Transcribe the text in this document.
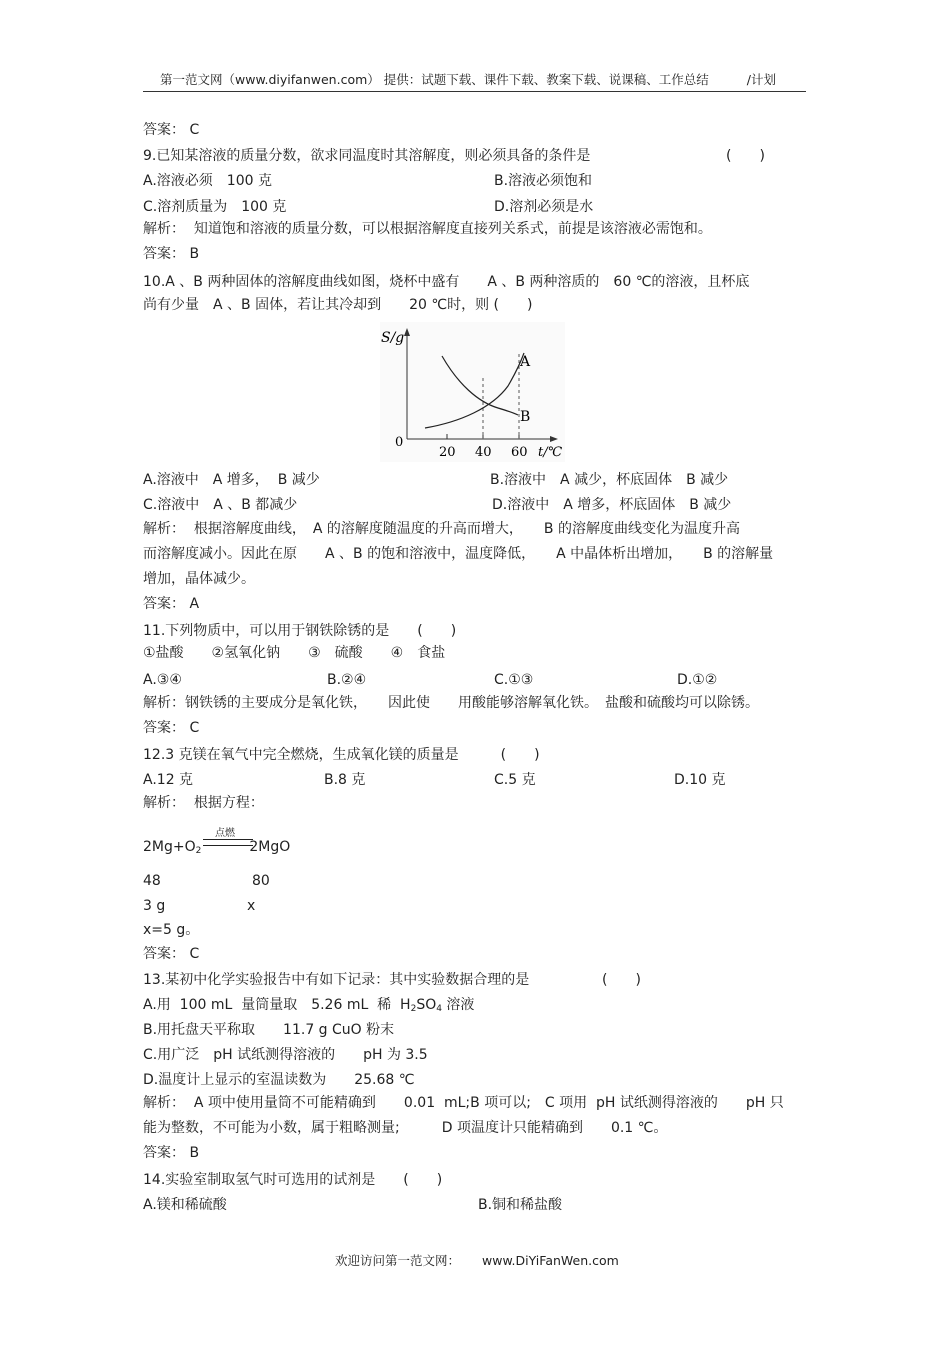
第一范文网（www.diyifanwen.com） 提供：试题下载、课件下载、教案下载、说课稿、工作总结	/计划
答案： C
9.已知某溶液的质量分数，欲求同温度时其溶解度，则必须具备的条件是	(　　)
A.溶液必须　100 克	B.溶液必须饱和
C.溶剂质量为　100 克	D.溶剂必须是水
解析：  知道饱和溶液的质量分数，可以根据溶解度直接列关系式，前提是该溶液必需饱和。
答案： B
10.A 、B 两种固体的溶解度曲线如图，烧杯中盛有　　A 、B 两种溶质的　60 ℃的溶液，且杯底
尚有少量　A 、B 固体，若让其冷却到　　20 ℃时，则 (　　)
S/g
0
20 40 60 t/℃
A
B
A.溶液中　A 增多，  B 减少	B.溶液中　A 减少，杯底固体　B 减少
C.溶液中　A 、B 都减少	D.溶液中　A 增多，杯底固体　B 减少
解析：  根据溶解度曲线，　A 的溶解度随温度的升高而增大，　　B 的溶解度曲线变化为温度升高
而溶解度减小。因此在原　　A 、B 的饱和溶液中，温度降低，　　A 中晶体析出增加，　　B 的溶解量
增加，晶体减少。
答案： A
11.下列物质中，可以用于钢铁除锈的是　　(　　)
①盐酸　　②氢氧化钠　　③　硫酸　　④　食盐
A.③④	B.②④	C.①③	D.①②
解析：钢铁锈的主要成分是氧化铁，　　因此使　　用酸能够溶解氧化铁。　盐酸和硫酸均可以除锈。
答案： C
12.3 克镁在氧气中完全燃烧，生成氧化镁的质量是　　　(　　)
A.12 克	B.8 克	C.5 克	D.10 克
解析：  根据方程：
点燃
$2Mg+O_2$	2MgO
48	80
3 g	x
x=5 g。
答案： C
13.某初中化学实验报告中有如下记录：其中实验数据合理的是	(　　)
A.用  100 mL  量筒量取　5.26 mL  稀  $H_2SO_4$ 溶液
B.用托盘天平称取　　11.7 g CuO 粉末
C.用广泛　pH 试纸测得溶液的　　pH 为 3.5
D.温度计上显示的室温读数为　　25.68 ℃
解析：  A 项中使用量筒不可能精确到　　0.01  mL;B 项可以;　C 项用  pH 试纸测得溶液的　　pH 只
能为整数，不可能为小数，属于粗略测量;　　　D 项温度计只能精确到　　0.1 ℃。
答案： B
14.实验室制取氢气时可选用的试剂是　　(　　)
A.镁和稀硫酸	B.铜和稀盐酸
欢迎访问第一范文网： www.DiYiFanWen.com
